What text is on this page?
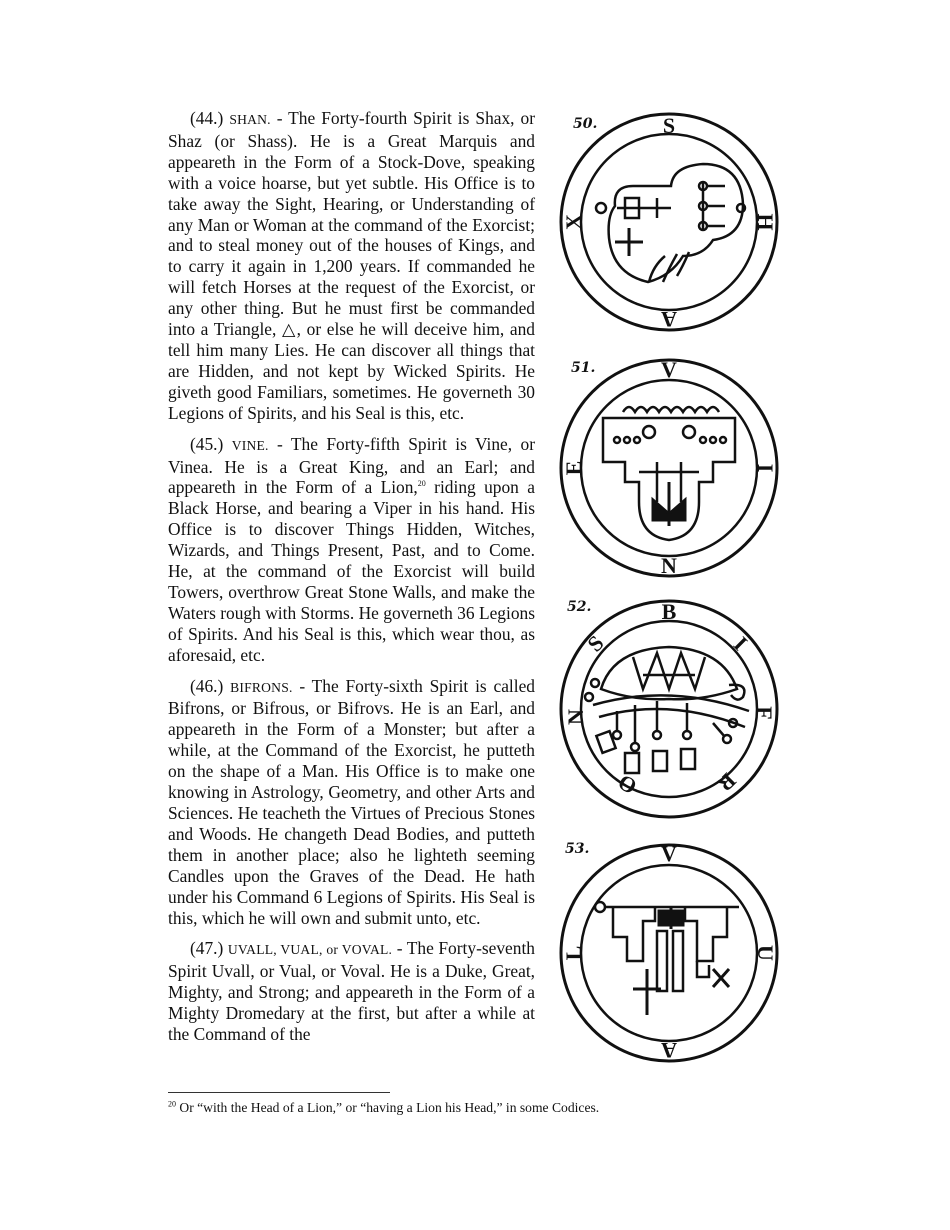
(44.) SHAN. - The Forty-fourth Spirit is Shax, or Shaz (or Shass). He is a Great Marquis and appeareth in the Form of a Stock-Dove, speaking with a voice hoarse, but yet subtle. His Office is to take away the Sight, Hearing, or Understanding of any Man or Woman at the command of the Exorcist; and to steal money out of the houses of Kings, and to carry it again in 1,200 years. If commanded he will fetch Horses at the request of the Exorcist, or any other thing. But he must first be commanded into a Triangle, △, or else he will deceive him, and tell him many Lies. He can discover all things that are Hidden, and not kept by Wicked Spirits. He giveth good Familiars, sometimes. He governeth 30 Legions of Spirits, and his Seal is this, etc.

(45.) VINE. - The Forty-fifth Spirit is Vine, or Vinea. He is a Great King, and an Earl; and appeareth in the Form of a Lion,$^{20}$ riding upon a Black Horse, and bearing a Viper in his hand. His Office is to discover Things Hidden, Witches, Wizards, and Things Present, Past, and to Come. He, at the command of the Exorcist will build Towers, overthrow Great Stone Walls, and make the Waters rough with Storms. He governeth 36 Legions of Spirits. And his Seal is this, which wear thou, as aforesaid, etc.

(46.) BIFRONS. - The Forty-sixth Spirit is called Bifrons, or Bifrous, or Bifrovs. He is an Earl, and appeareth in the Form of a Monster; but after a while, at the Command of the Exorcist, he putteth on the shape of a Man. His Office is to make one knowing in Astrology, Geometry, and other Arts and Sciences. He teacheth the Virtues of Precious Stones and Woods. He changeth Dead Bodies, and putteth them in another place; also he lighteth seeming Candles upon the Graves of the Dead. He hath under his Command 6 Legions of Spirits. His Seal is this, which he will own and submit unto, etc.

(47.) UVALL, VUAL, or VOVAL. - The Forty-seventh Spirit Uvall, or Vual, or Voval. He is a Duke, Great, Mighty, and Strong; and appeareth in the Form of a Mighty Dromedary at the first, but after a while at the Command of the

$^{20}$ Or “with the Head of a Lion,” or “having a Lion his Head,” in some Codices.
50.	S
H
A
X
51.	V
I
N
E
52.	B
I
F
R
O
N
S
53.	V
U
A
L
